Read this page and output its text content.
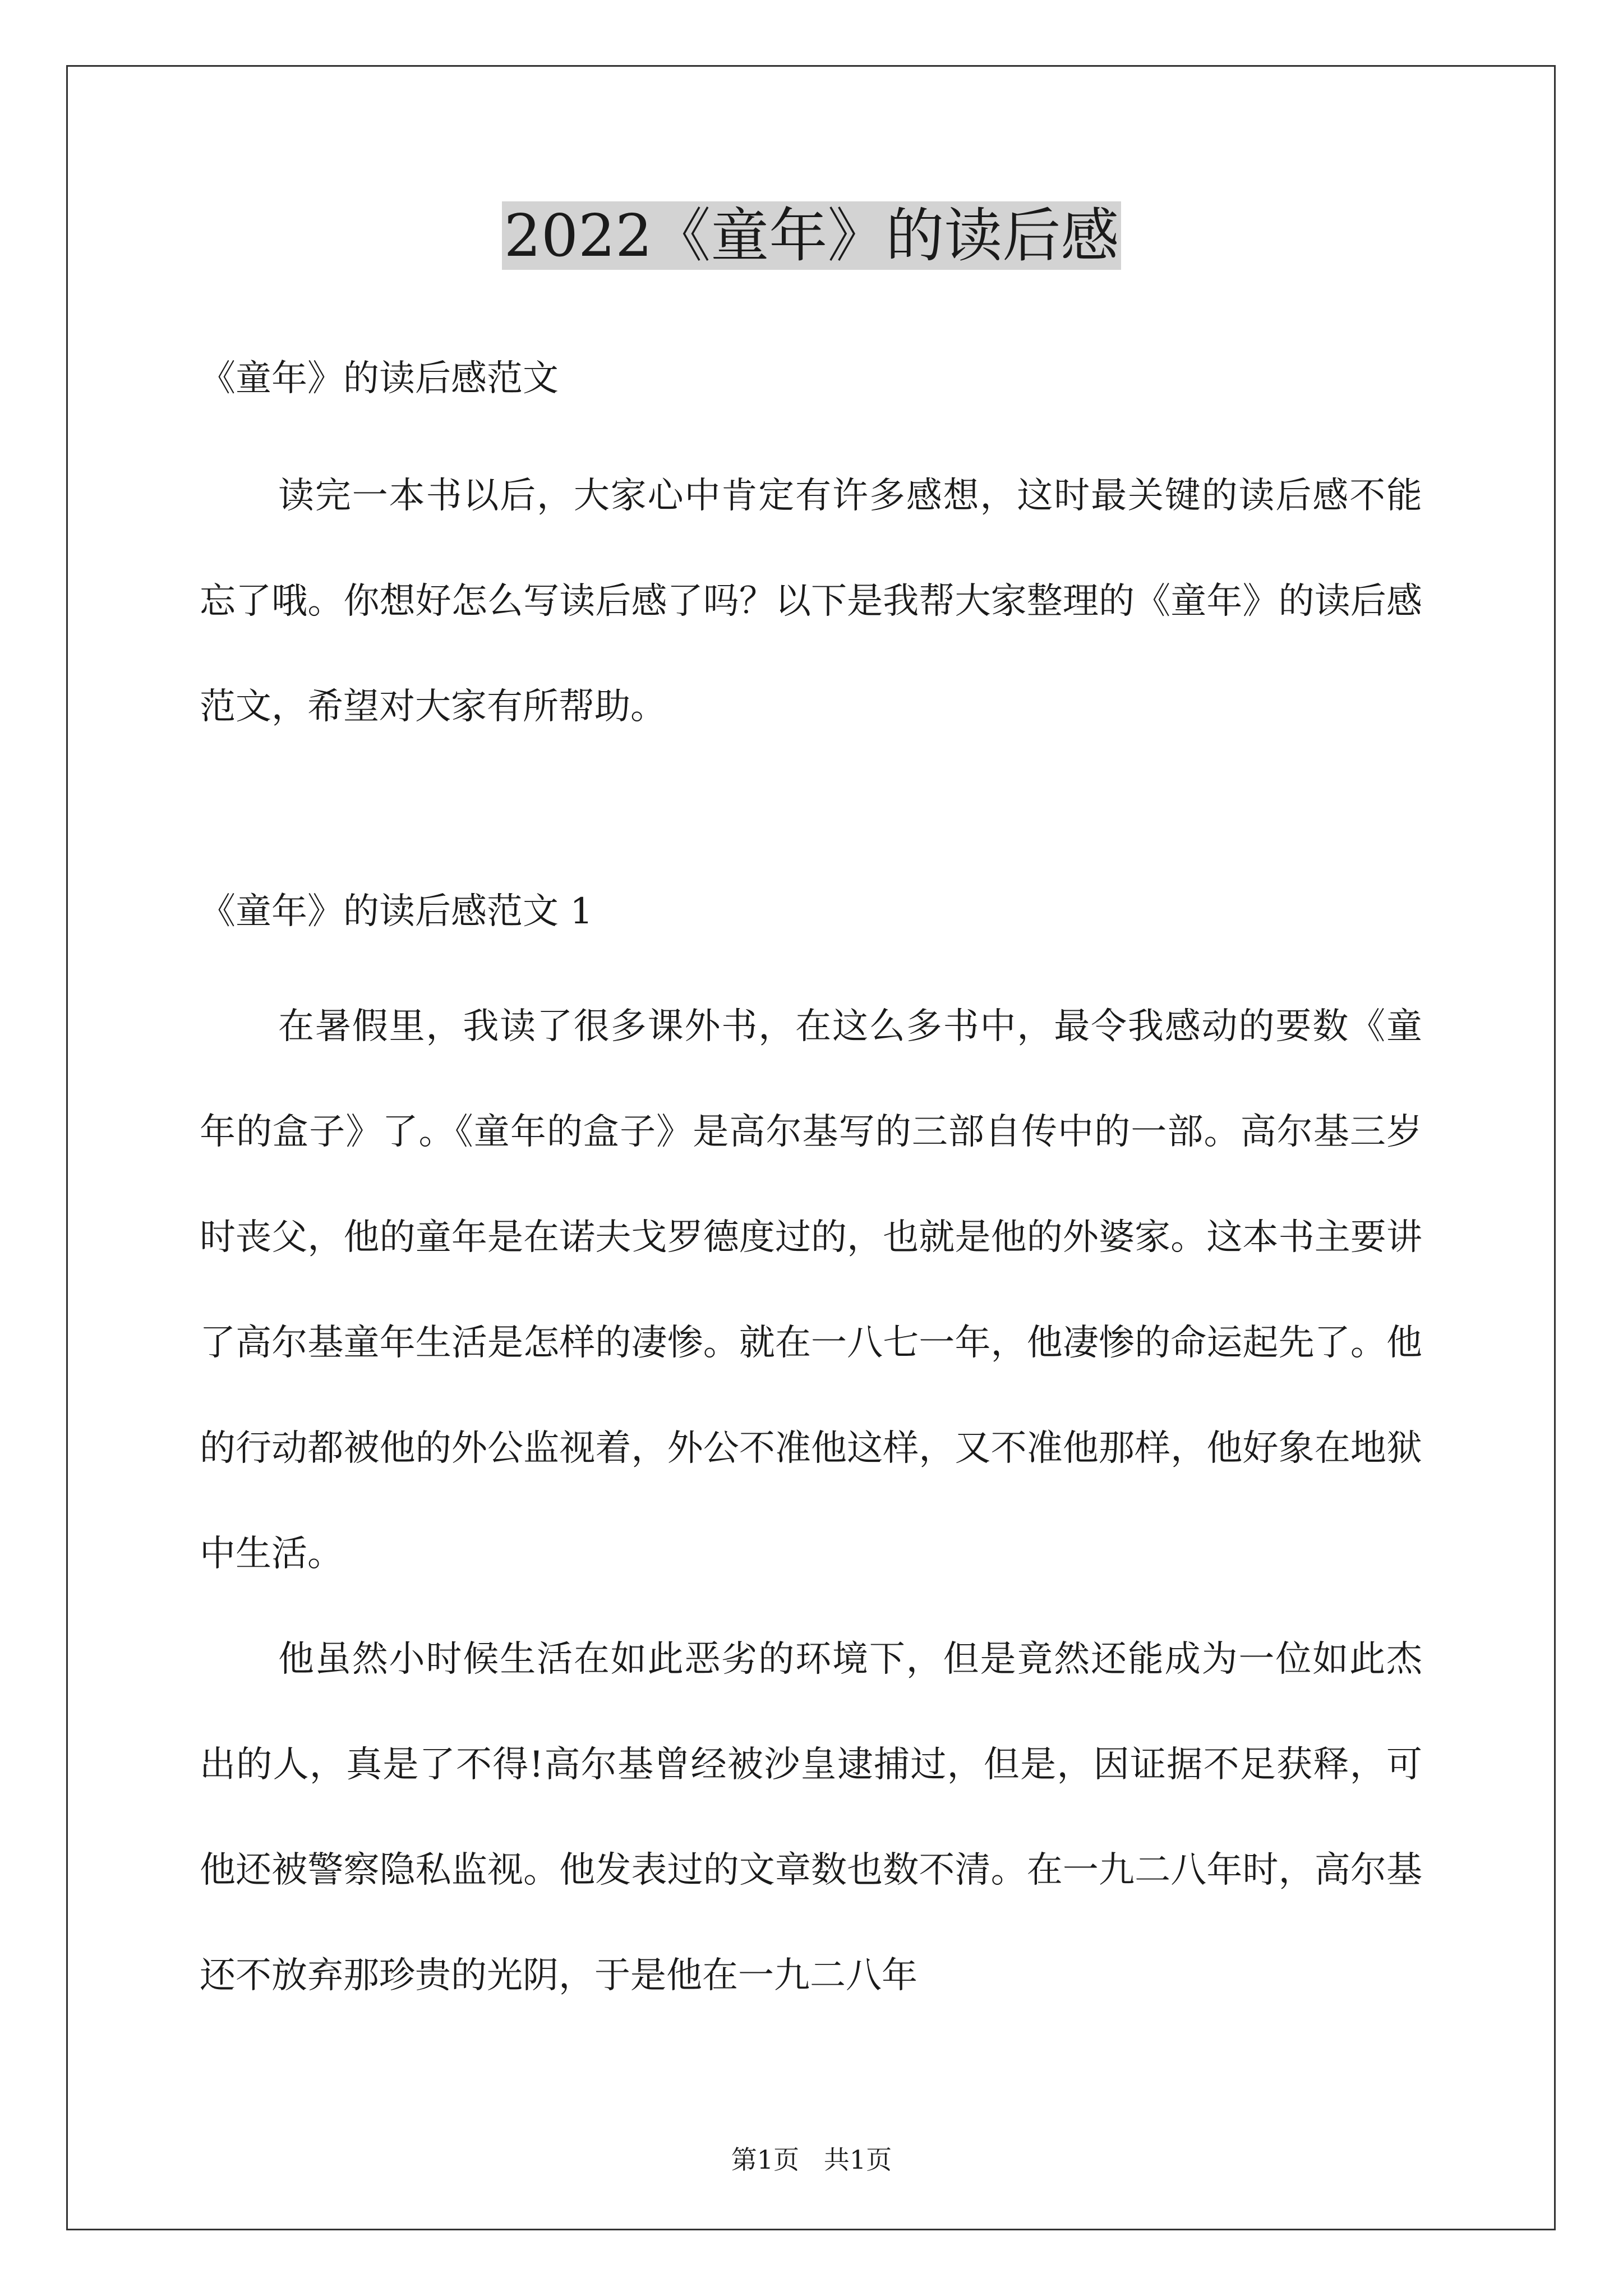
2022《童年》的读后感
《童年》的读后感范文

读完一本书以后，大家心中肯定有许多感想，这时最关键的读后感不能忘了哦。你想好怎么写读后感了吗？以下是我帮大家整理的《童年》的读后感范文，希望对大家有所帮助。

《童年》的读后感范文 1

在暑假里，我读了很多课外书，在这么多书中，最令我感动的要数《童年的盒子》了。《童年的盒子》是高尔基写的三部自传中的一部。高尔基三岁时丧父，他的童年是在诺夫戈罗德度过的，也就是他的外婆家。这本书主要讲了高尔基童年生活是怎样的凄惨。就在一八七一年，他凄惨的命运起先了。他的行动都被他的外公监视着，外公不准他这样，又不准他那样，他好象在地狱中生活。

他虽然小时候生活在如此恶劣的环境下，但是竟然还能成为一位如此杰出的人，真是了不得!高尔基曾经被沙皇逮捕过，但是，因证据不足获释，可他还被警察隐私监视。他发表过的文章数也数不清。在一九二八年时，高尔基还不放弃那珍贵的光阴，于是他在一九二八年

第1页   共1页
